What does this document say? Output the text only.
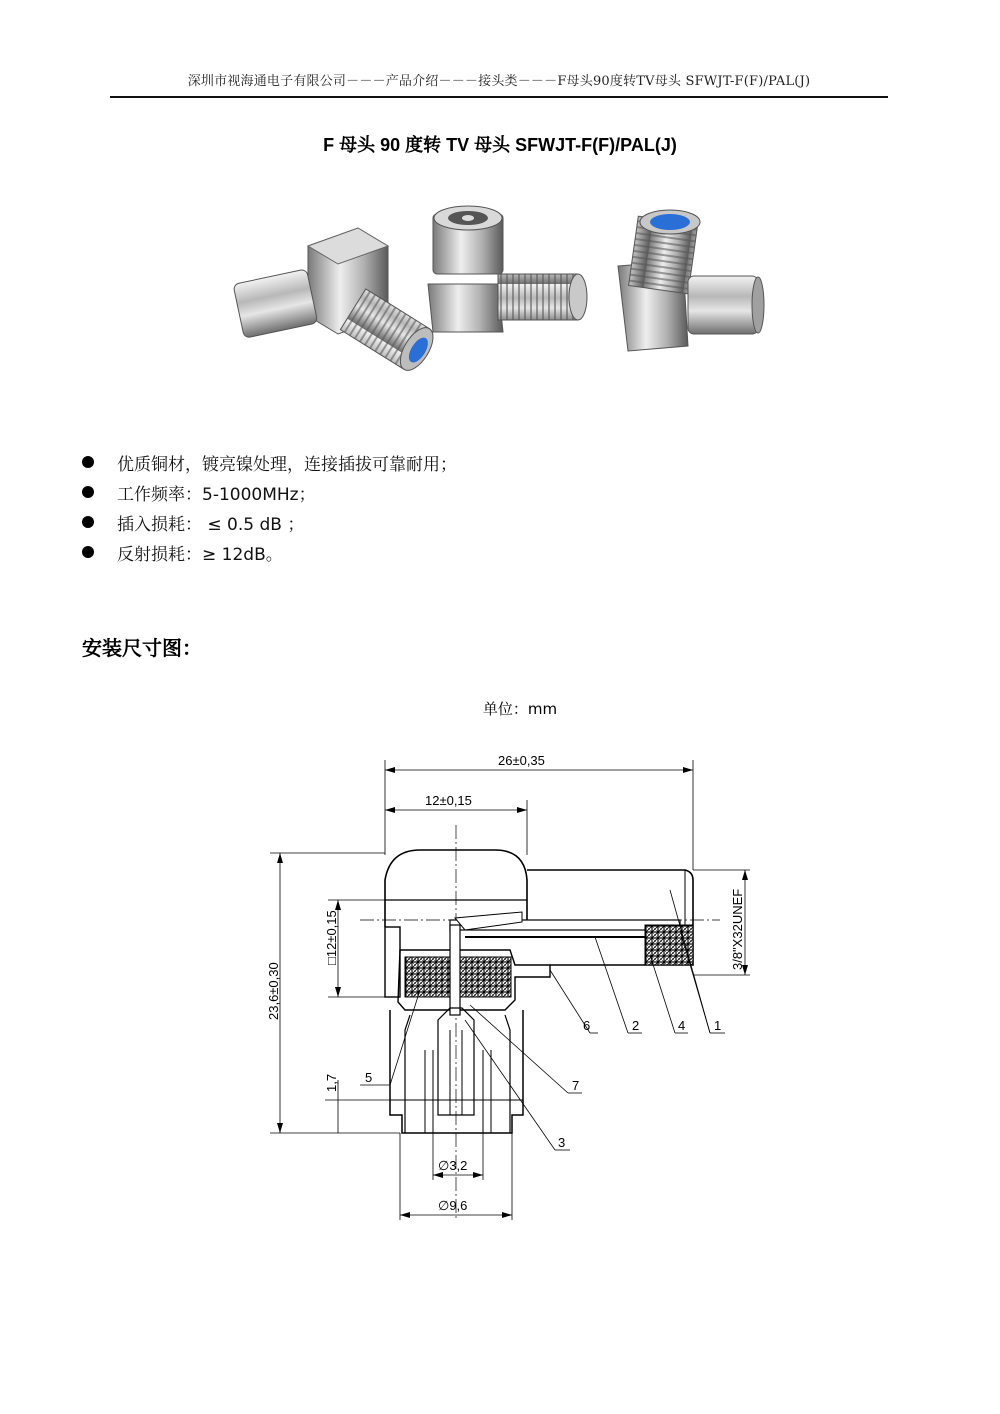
深圳市视海通电子有限公司－－－产品介绍－－－接头类－－－F母头90度转TV母头 SFWJT-F(F)/PAL(J)
F 母头 90 度转 TV 母头 SFWJT-F(F)/PAL(J)
优质铜材，镀亮镍处理，连接插拔可靠耐用；
工作频率：5-1000MHz；
插入损耗： ≤ 0.5 dB ；
反射损耗：≥ 12dB。
安装尺寸图：
单位：mm
26±0,35
12±0,15
23,6±0,30
□12±0,15
1,7
3/8"X32UNEF
∅3,2
∅9,6
6	2	4 1
5
7
3
